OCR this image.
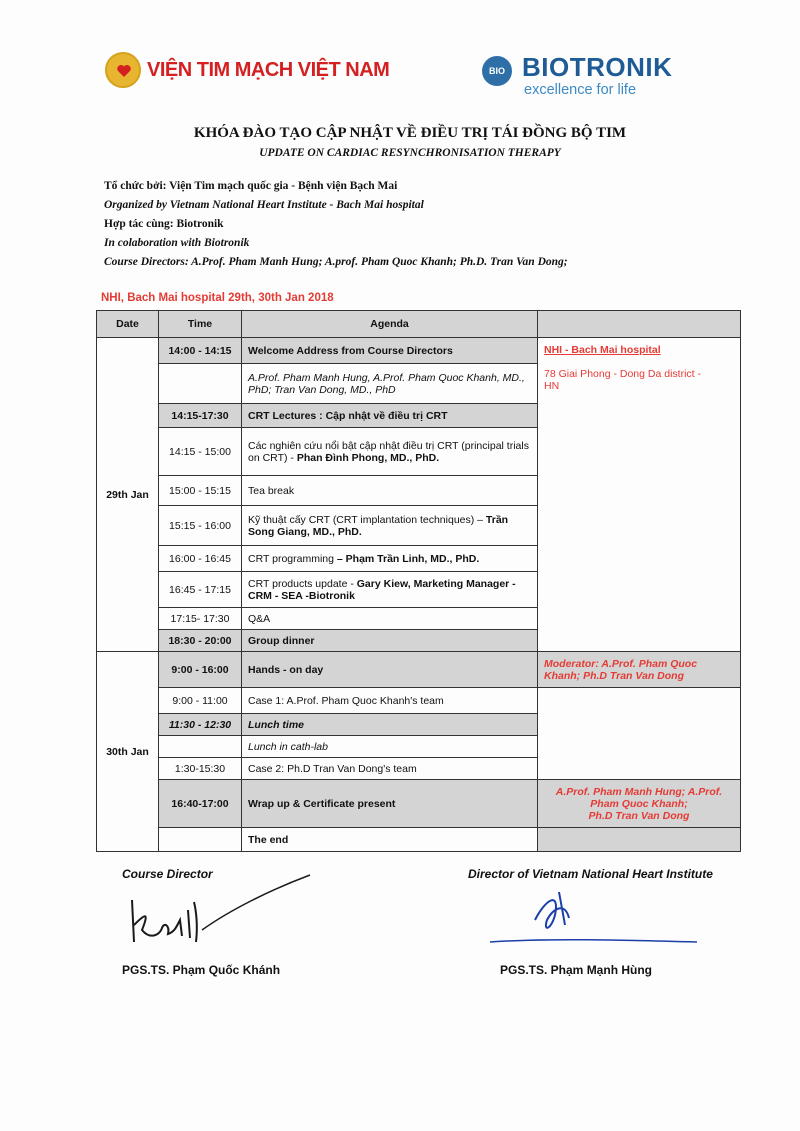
VIỆN TIM MẠCH VIỆT NAM	BIO BIOTRONIK
excellence for life
KHÓA ĐÀO TẠO CẬP NHẬT VỀ ĐIỀU TRỊ TÁI ĐỒNG BỘ TIM
UPDATE ON CARDIAC RESYNCHRONISATION THERAPY
Tổ chức bởi: Viện Tim mạch quốc gia - Bệnh viện Bạch Mai
Organized by Vietnam National Heart Institute - Bach Mai hospital
Hợp tác cùng: Biotronik
In colaboration with Biotronik
Course Directors: A.Prof. Pham Manh Hung; A.prof. Pham Quoc Khanh; Ph.D. Tran Van Dong;
NHI, Bach Mai hospital 29th, 30th Jan 2018
Date	Time	Agenda	
29th Jan	14:00 - 14:15	Welcome Address from Course Directors	NHI - Bach Mai hospital
78 Giai Phong - Dong Da district - HN

		A.Prof. Pham Manh Hung, A.Prof. Pham Quoc Khanh, MD., PhD; Tran Van Dong, MD., PhD	
	14:15-17:30	CRT Lectures : Cập nhật về điều trị CRT	
	14:15 - 15:00	Các nghiên cứu nổi bật cập nhật điều trị CRT (principal trials on CRT) - Phan Đình Phong, MD., PhD.	
	15:00 - 15:15	Tea break	
	15:15 - 16:00	Kỹ thuật cấy CRT (CRT implantation techniques) – Trần Song Giang, MD., PhD.	
	16:00 - 16:45	CRT programming – Phạm Trần Linh, MD., PhD.	
	16:45 - 17:15	CRT products update - Gary Kiew, Marketing Manager - CRM - SEA -Biotronik	
	17:15- 17:30	Q&A	
	18:30 - 20:00	Group dinner	
30th Jan	9:00 - 16:00	Hands - on day	Moderator: A.Prof. Pham Quoc Khanh; Ph.D Tran Van Dong
	9:00 - 11:00	Case 1: A.Prof. Pham Quoc Khanh's team	
	11:30 - 12:30	Lunch time	
		Lunch in cath-lab	
	1:30-15:30	Case 2: Ph.D Tran Van Dong's team	
	16:40-17:00	Wrap up & Certificate present	A.Prof. Pham Manh Hung; A.Prof.
Pham Quoc Khanh;
Ph.D Tran Van Dong

		The end	
Course Director
PGS.TS. Phạm Quốc Khánh
Director of Vietnam National Heart Institute
PGS.TS. Phạm Mạnh Hùng
